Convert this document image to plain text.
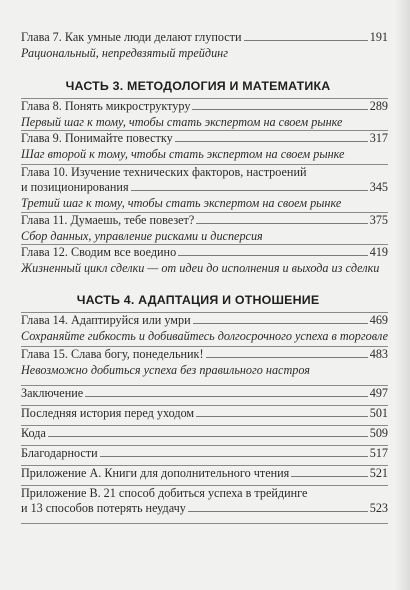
Глава 7. Как умные люди делают глупости	191
Рациональный, непредвзятый трейдинг
ЧАСТЬ 3. МЕТОДОЛОГИЯ И МАТЕМАТИКА
Глава 8. Понять микроструктуру	289
Первый шаг к тому, чтобы стать экспертом на своем рынке
Глава 9. Понимайте повестку	317
Шаг второй к тому, чтобы стать экспертом на своем рынке
Глава 10. Изучение технических факторов, настроений
и позиционирования	345
Третий шаг к тому, чтобы стать экспертом на своем рынке
Глава 11. Думаешь, тебе повезет?	375
Сбор данных, управление рисками и дисперсия
Глава 12. Сводим все воедино	419
Жизненный цикл сделки — от идеи до исполнения и выхода из сделки
ЧАСТЬ 4. АДАПТАЦИЯ И ОТНОШЕНИЕ
Глава 14. Адаптируйся или умри	469
Сохраняйте гибкость и добивайтесь долгосрочного успеха в торговле
Глава 15. Слава богу, понедельник!	483
Невозможно добиться успеха без правильного настроя
Заключение	497
Последняя история перед уходом	501
Кода	509
Благодарности	517
Приложение А. Книги для дополнительного чтения	521
Приложение В. 21 способ добиться успеха в трейдинге
и 13 способов потерять неудачу	523
